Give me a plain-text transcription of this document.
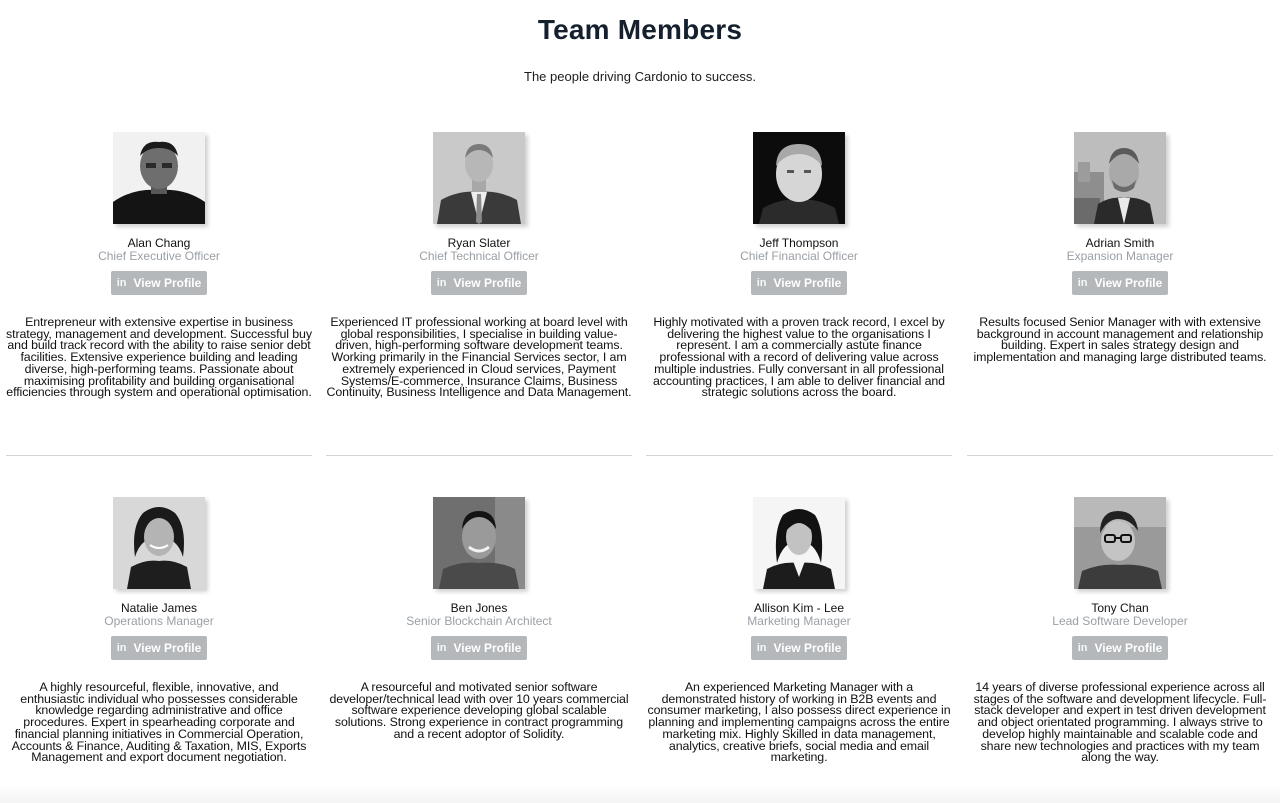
Team Members
The people driving Cardonio to success.
Alan Chang
Chief Executive Officer
in View Profile
Entrepreneur with extensive expertise in business strategy, management and development. Successful buy and build track record with the ability to raise senior debt facilities. Extensive experience building and leading diverse, high-performing teams. Passionate about maximising profitability and building organisational efficiencies through system and operational optimisation.
Ryan Slater
Chief Technical Officer
in View Profile
Experienced IT professional working at board level with global responsibilities, I specialise in building value-driven, high-performing software development teams. Working primarily in the Financial Services sector, I am extremely experienced in Cloud services, Payment Systems/E-commerce, Insurance Claims, Business Continuity, Business Intelligence and Data Management.
Jeff Thompson
Chief Financial Officer
in View Profile
Highly motivated with a proven track record, I excel by delivering the highest value to the organisations I represent. I am a commercially astute finance professional with a record of delivering value across multiple industries. Fully conversant in all professional accounting practices, I am able to deliver financial and strategic solutions across the board.
Adrian Smith
Expansion Manager
in View Profile
Results focused Senior Manager with with extensive background in account management and relationship building. Expert in sales strategy design and implementation and managing large distributed teams.
Natalie James
Operations Manager
in View Profile
A highly resourceful, flexible, innovative, and enthusiastic individual who possesses considerable knowledge regarding administrative and office procedures. Expert in spearheading corporate and financial planning initiatives in Commercial Operation, Accounts & Finance, Auditing & Taxation, MIS, Exports Management and export document negotiation.
Ben Jones
Senior Blockchain Architect
in View Profile
A resourceful and motivated senior software developer/technical lead with over 10 years commercial software experience developing global scalable solutions. Strong experience in contract programming and a recent adoptor of Solidity.
Allison Kim - Lee
Marketing Manager
in View Profile
An experienced Marketing Manager with a demonstrated history of working in B2B events and consumer marketing, I also possess direct experience in planning and implementing campaigns across the entire marketing mix. Highly Skilled in data management, analytics, creative briefs, social media and email marketing.
Tony Chan
Lead Software Developer
in View Profile
14 years of diverse professional experience across all stages of the software and development lifecycle. Full-stack developer and expert in test driven development and object orientated programming. I always strive to develop highly maintainable and scalable code and share new technologies and practices with my team along the way.
